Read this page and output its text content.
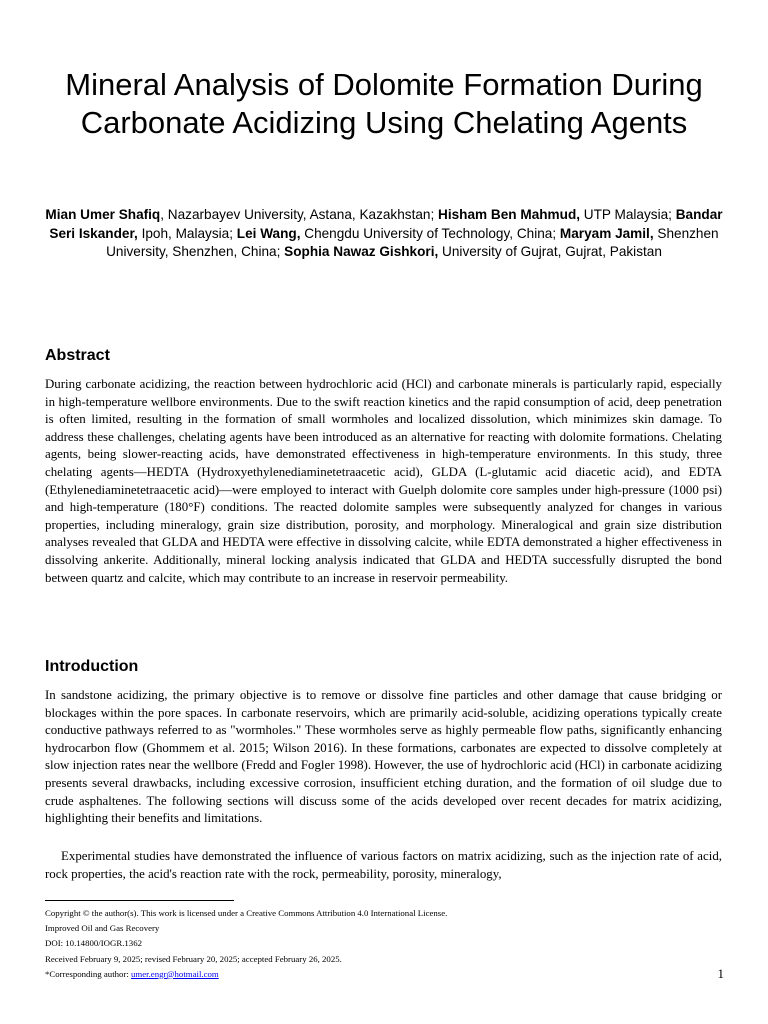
Mineral Analysis of Dolomite Formation During Carbonate Acidizing Using Chelating Agents

Mian Umer Shafiq, Nazarbayev University, Astana, Kazakhstan; Hisham Ben Mahmud, UTP Malaysia; Bandar Seri Iskander, Ipoh, Malaysia; Lei Wang, Chengdu University of Technology, China; Maryam Jamil, Shenzhen University, Shenzhen, China; Sophia Nawaz Gishkori, University of Gujrat, Gujrat, Pakistan

Abstract

During carbonate acidizing, the reaction between hydrochloric acid (HCl) and carbonate minerals is particularly rapid, especially in high-temperature wellbore environments. Due to the swift reaction kinetics and the rapid consumption of acid, deep penetration is often limited, resulting in the formation of small wormholes and localized dissolution, which minimizes skin damage. To address these challenges, chelating agents have been introduced as an alternative for reacting with dolomite formations. Chelating agents, being slower-reacting acids, have demonstrated effectiveness in high-temperature environments. In this study, three chelating agents—HEDTA (Hydroxyethylenediaminetetraacetic acid), GLDA (L-glutamic acid diacetic acid), and EDTA (Ethylenediaminetetraacetic acid)—were employed to interact with Guelph dolomite core samples under high-pressure (1000 psi) and high-temperature (180°F) conditions. The reacted dolomite samples were subsequently analyzed for changes in various properties, including mineralogy, grain size distribution, porosity, and morphology. Mineralogical and grain size distribution analyses revealed that GLDA and HEDTA were effective in dissolving calcite, while EDTA demonstrated a higher effectiveness in dissolving ankerite. Additionally, mineral locking analysis indicated that GLDA and HEDTA successfully disrupted the bond between quartz and calcite, which may contribute to an increase in reservoir permeability.

Introduction

In sandstone acidizing, the primary objective is to remove or dissolve fine particles and other damage that cause bridging or blockages within the pore spaces. In carbonate reservoirs, which are primarily acid-soluble, acidizing operations typically create conductive pathways referred to as "wormholes." These wormholes serve as highly permeable flow paths, significantly enhancing hydrocarbon flow (Ghommem et al. 2015; Wilson 2016). In these formations, carbonates are expected to dissolve completely at slow injection rates near the wellbore (Fredd and Fogler 1998). However, the use of hydrochloric acid (HCl) in carbonate acidizing presents several drawbacks, including excessive corrosion, insufficient etching duration, and the formation of oil sludge due to crude asphaltenes. The following sections will discuss some of the acids developed over recent decades for matrix acidizing, highlighting their benefits and limitations.

Experimental studies have demonstrated the influence of various factors on matrix acidizing, such as the injection rate of acid, rock properties, the acid's reaction rate with the rock, permeability, porosity, mineralogy,

Copyright © the author(s). This work is licensed under a Creative Commons Attribution 4.0 International License.
Improved Oil and Gas Recovery
DOI: 10.14800/IOGR.1362
Received February 9, 2025; revised February 20, 2025; accepted February 26, 2025.
*Corresponding author: umer.engr@hotmail.com	1
